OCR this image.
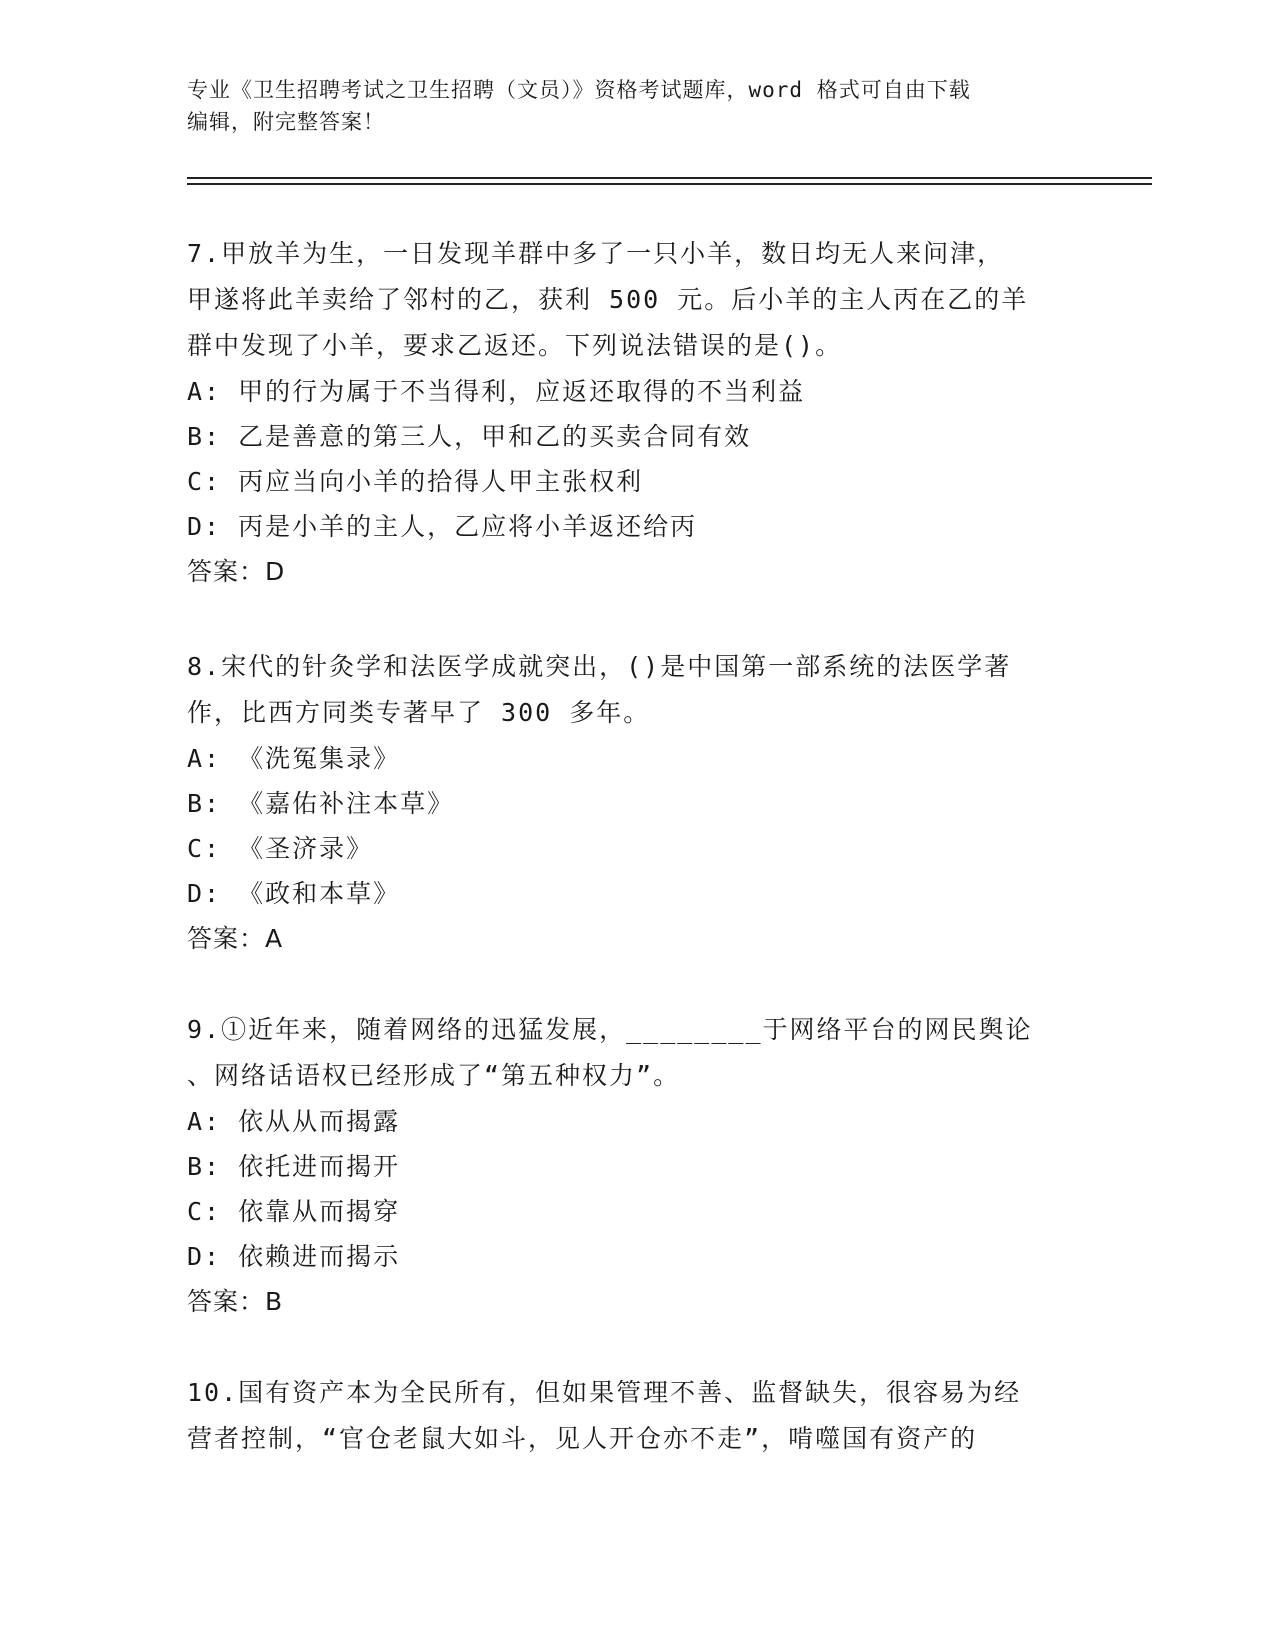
专业《卫生招聘考试之卫生招聘（文员）》资格考试题库，word 格式可自由下载
编辑，附完整答案！

7.甲放羊为生，一日发现羊群中多了一只小羊，数日均无人来问津，

甲遂将此羊卖给了邻村的乙，获利 500 元。后小羊的主人丙在乙的羊

群中发现了小羊，要求乙返还。下列说法错误的是()。

A: 甲的行为属于不当得利，应返还取得的不当利益

B: 乙是善意的第三人，甲和乙的买卖合同有效

C: 丙应当向小羊的拾得人甲主张权利

D: 丙是小羊的主人，乙应将小羊返还给丙

答案：D

8.宋代的针灸学和法医学成就突出，()是中国第一部系统的法医学著

作，比西方同类专著早了 300 多年。

A: 《洗冤集录》

B: 《嘉佑补注本草》

C: 《圣济录》

D: 《政和本草》

答案：A

9.①近年来，随着网络的迅猛发展，________于网络平台的网民舆论

、网络话语权已经形成了“第五种权力”。

A: 依从从而揭露

B: 依托进而揭开

C: 依靠从而揭穿

D: 依赖进而揭示

答案：B

10.国有资产本为全民所有，但如果管理不善、监督缺失，很容易为经

营者控制，“官仓老鼠大如斗，见人开仓亦不走”，啃噬国有资产的
